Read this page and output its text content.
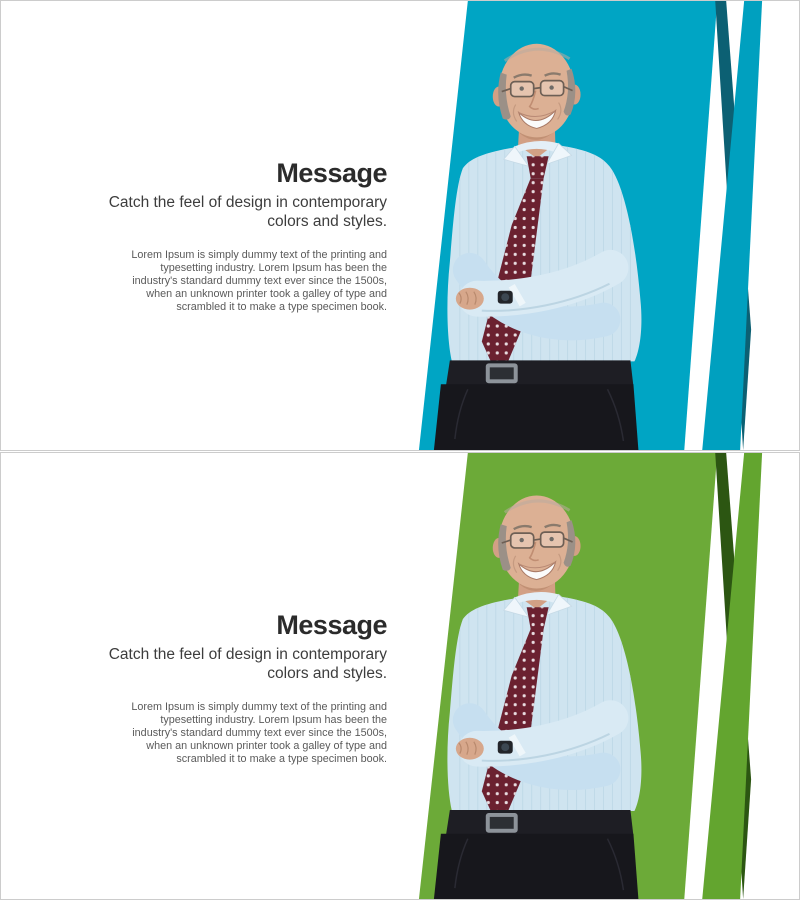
Message

Catch the feel of design in contemporary colors and styles.

Lorem Ipsum is simply dummy text of the printing and typesetting industry. Lorem Ipsum has been the industry's standard dummy text ever since the 1500s, when an unknown printer took a galley of type and scrambled it to make a type specimen book.

Message

Catch the feel of design in contemporary colors and styles.

Lorem Ipsum is simply dummy text of the printing and typesetting industry. Lorem Ipsum has been the industry's standard dummy text ever since the 1500s, when an unknown printer took a galley of type and scrambled it to make a type specimen book.
